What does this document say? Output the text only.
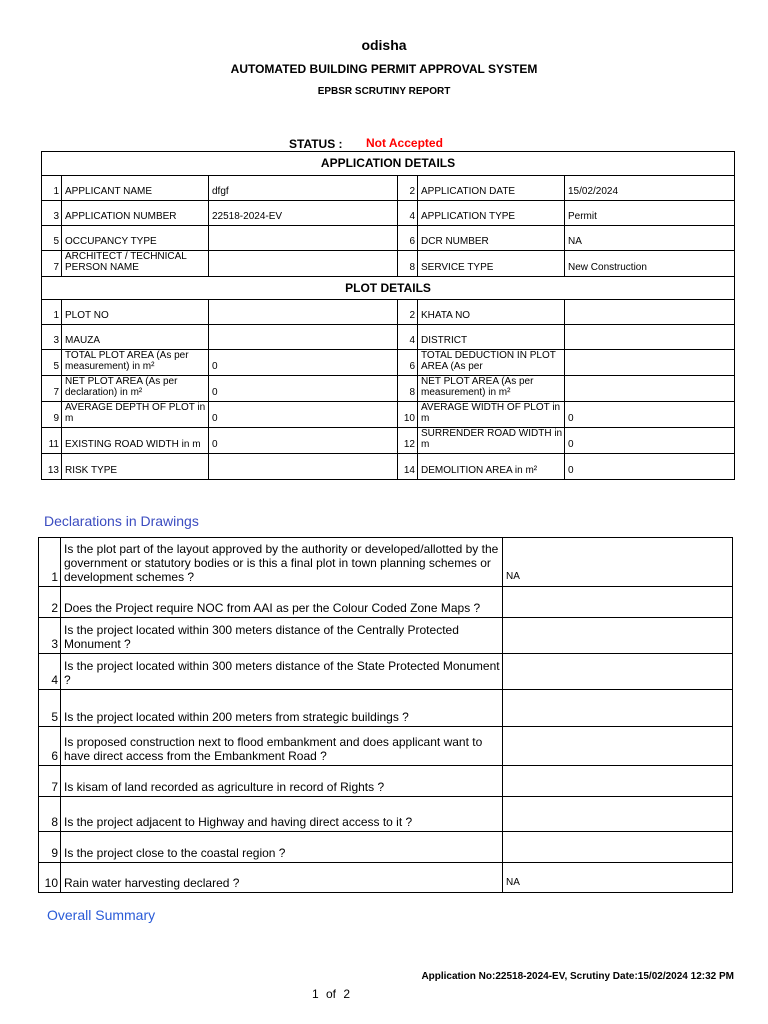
odisha
AUTOMATED BUILDING PERMIT APPROVAL SYSTEM
EPBSR SCRUTINY REPORT
STATUS : Not Accepted
APPLICATION DETAILS					
1	APPLICANT NAME	dfgf	2	APPLICATION DATE	15/02/2024
3	APPLICATION NUMBER	22518-2024-EV	4	APPLICATION TYPE	Permit
5	OCCUPANCY TYPE		6	DCR NUMBER	NA
7	ARCHITECT / TECHNICAL PERSON NAME		8	SERVICE TYPE	New Construction
PLOT DETAILS					
1	PLOT NO		2	KHATA NO	
3	MAUZA		4	DISTRICT	
5	TOTAL PLOT AREA (As per measurement) in m²	0	6	TOTAL DEDUCTION IN PLOT AREA (As per	
7	NET PLOT AREA (As per declaration) in m²	0	8	NET PLOT AREA (As per measurement) in m²	
9	AVERAGE DEPTH OF PLOT in m	0	10	AVERAGE WIDTH OF PLOT in m	0
11	EXISTING ROAD WIDTH in m	0	12	SURRENDER ROAD WIDTH in m	0
13	RISK TYPE		14	DEMOLITION AREA in m²	0
Declarations in Drawings
1	Is the plot part of the layout approved by the authority or developed/allotted by the government or statutory bodies or is this a final plot in town planning schemes or development schemes ?	NA
2	Does the Project require NOC from AAI as per the Colour Coded Zone Maps ?	
3	Is the project located within 300 meters distance of the Centrally Protected Monument ?	
4	Is the project located within 300 meters distance of the State Protected Monument ?	
5	Is the project located within 200 meters from strategic buildings ?	
6	Is proposed construction next to flood embankment and does applicant want to have direct access from the Embankment Road ?	
7	Is kisam of land recorded as agriculture in record of Rights ?	
8	Is the project adjacent to Highway and having direct access to it ?	
9	Is the project close to the coastal region ?	
10	Rain water harvesting declared ?	NA
Overall Summary
Application No:22518-2024-EV, Scrutiny Date:15/02/2024 12:32 PM
1 of 2
